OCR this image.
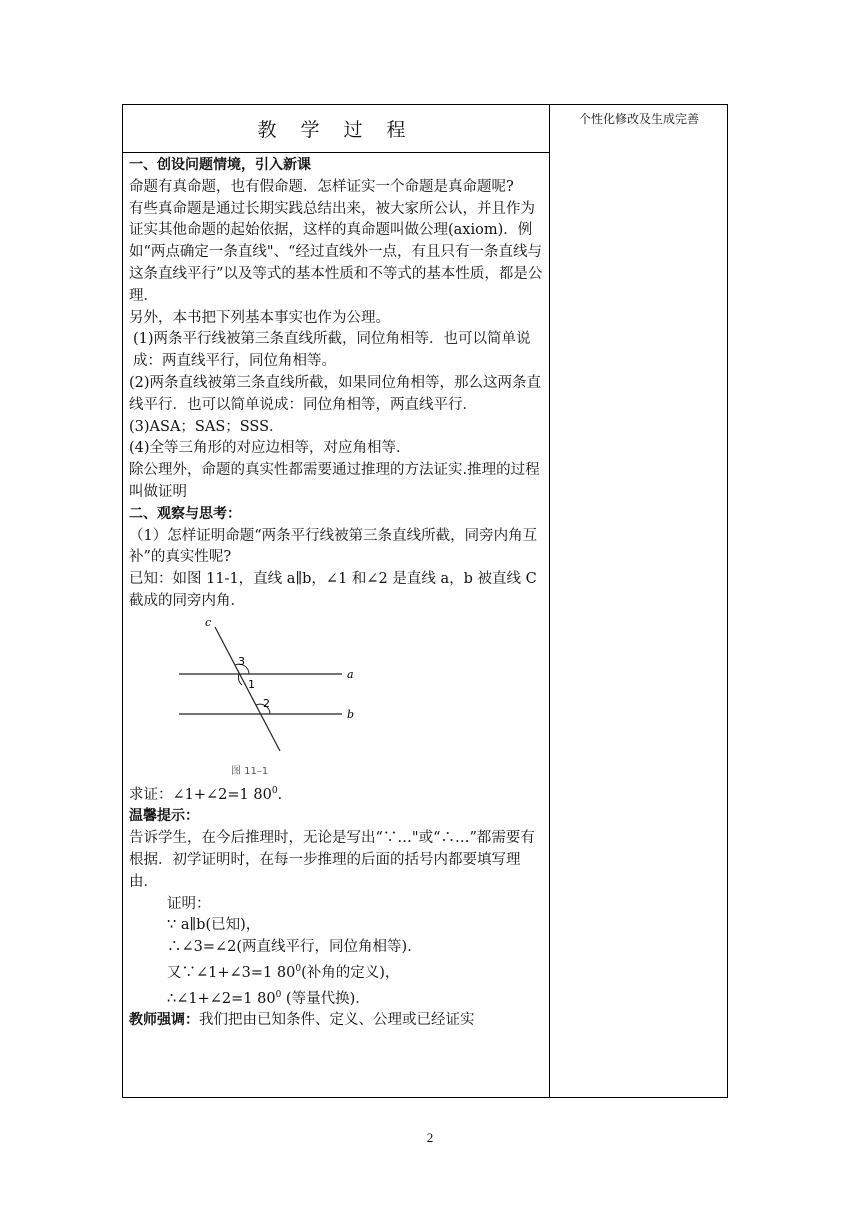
教 学 过 程	个性化修改及生成完善

一、创设问题情境，引入新课

命题有真命题，也有假命题．怎样证实一个命题是真命题呢?

有些真命题是通过长期实践总结出来，被大家所公认，并且作为证实其他命题的起始依据，这样的真命题叫做公理(axiom)．例如“两点确定一条直线"、“经过直线外一点，有且只有一条直线与这条直线平行”以及等式的基本性质和不等式的基本性质，都是公理．

另外，本书把下列基本事实也作为公理。

(1)两条平行线被第三条直线所截，同位角相等．也可以简单说成：两直线平行，同位角相等。

(2)两条直线被第三条直线所截，如果同位角相等，那么这两条直线平行．也可以简单说成：同位角相等，两直线平行．

(3)ASA；SAS；SSS．

(4)全等三角形的对应边相等，对应角相等．

除公理外，命题的真实性都需要通过推理的方法证实.推理的过程叫做证明

二、观察与思考：

（1）怎样证明命题“两条平行线被第三条直线所截，同旁内角互补”的真实性呢?

已知：如图 11-1，直线 a∥b，∠1 和∠2 是直线 a，b 被直线 C 截成的同旁内角．

c
a
b
3
1
2
图 11–1

求证：∠1+∠2=1 $80^0$．

温馨提示：

告诉学生，在今后推理时，无论是写出“∵…"或“∴…”都需要有根据．初学证明时，在每一步推理的后面的括号内都要填写理由．

证明：

∵ a∥b(已知)，

∴∠3=∠2(两直线平行，同位角相等)．

又∵∠1+∠3=1 $80^0$(补角的定义)，

∴∠1+∠2=1 $80^0$ (等量代换)．

教师强调：我们把由已知条件、定义、公理或已经证实

2
